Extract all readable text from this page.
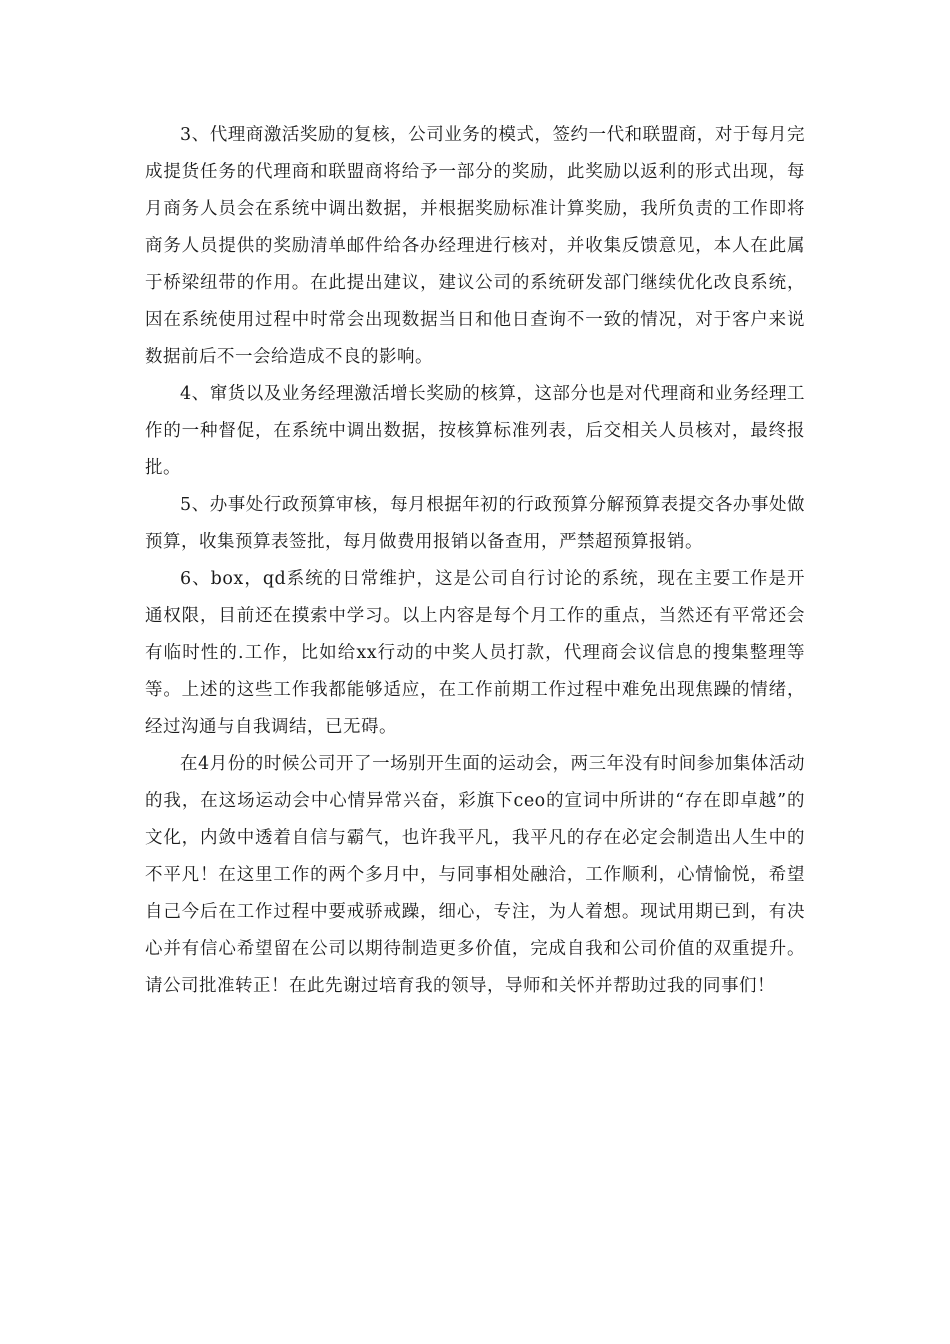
3、代理商激活奖励的复核，公司业务的模式，签约一代和联盟商，对于每月完成提货任务的代理商和联盟商将给予一部分的奖励，此奖励以返利的形式出现，每月商务人员会在系统中调出数据，并根据奖励标准计算奖励，我所负责的工作即将商务人员提供的奖励清单邮件给各办经理进行核对，并收集反馈意见，本人在此属于桥梁纽带的作用。在此提出建议，建议公司的系统研发部门继续优化改良系统，因在系统使用过程中时常会出现数据当日和他日查询不一致的情况，对于客户来说数据前后不一会给造成不良的影响。

4、窜货以及业务经理激活增长奖励的核算，这部分也是对代理商和业务经理工作的一种督促，在系统中调出数据，按核算标准列表，后交相关人员核对，最终报批。

5、办事处行政预算审核，每月根据年初的行政预算分解预算表提交各办事处做预算，收集预算表签批，每月做费用报销以备查用，严禁超预算报销。

6、box，qd系统的日常维护，这是公司自行讨论的系统，现在主要工作是开通权限，目前还在摸索中学习。以上内容是每个月工作的重点，当然还有平常还会有临时性的.工作，比如给xx行动的中奖人员打款，代理商会议信息的搜集整理等等。上述的这些工作我都能够适应，在工作前期工作过程中难免出现焦躁的情绪，经过沟通与自我调结，已无碍。

在4月份的时候公司开了一场别开生面的运动会，两三年没有时间参加集体活动的我，在这场运动会中心情异常兴奋，彩旗下ceo的宣词中所讲的“存在即卓越”的文化，内敛中透着自信与霸气，也许我平凡，我平凡的存在必定会制造出人生中的不平凡！在这里工作的两个多月中，与同事相处融洽，工作顺利，心情愉悦，希望自己今后在工作过程中要戒骄戒躁，细心，专注，为人着想。现试用期已到，有决心并有信心希望留在公司以期待制造更多价值，完成自我和公司价值的双重提升。请公司批准转正！在此先谢过培育我的领导，导师和关怀并帮助过我的同事们！
